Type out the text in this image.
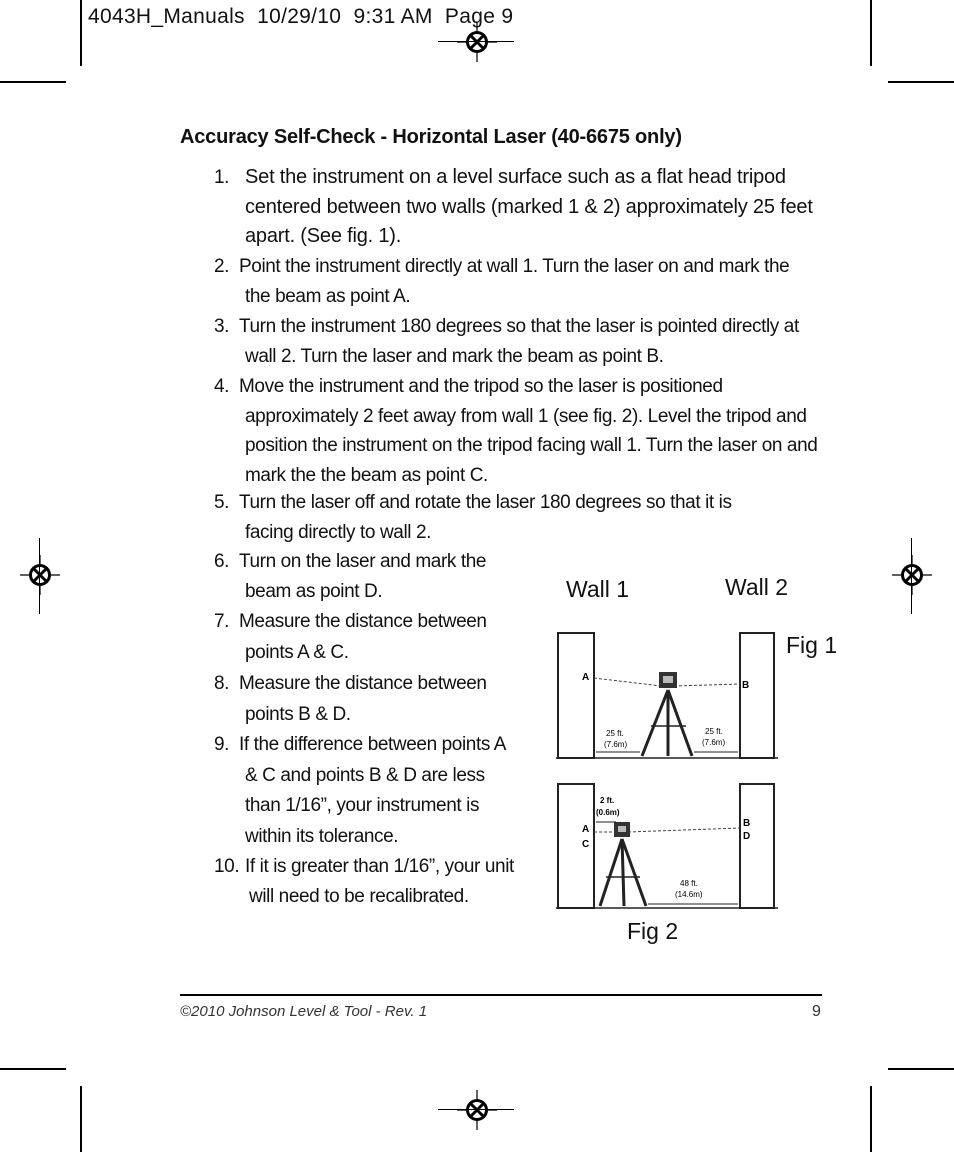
4043H_Manuals  10/29/10  9:31 AM  Page 9
Accuracy Self-Check - Horizontal Laser (40-6675 only)
1. Set the instrument on a level surface such as a flat head tripod centered between two walls (marked 1 & 2) approximately 25 feet apart. (See fig. 1).
2. Point the instrument directly at wall 1. Turn the laser on and mark the the beam as point A.
3. Turn the instrument 180 degrees so that the laser is pointed directly at wall 2. Turn the laser and mark the beam as point B.
4. Move the instrument and the tripod so the laser is positioned approximately 2 feet away from wall 1 (see fig. 2). Level the tripod and position the instrument on the tripod facing wall 1. Turn the laser on and mark the the beam as point C.
5. Turn the laser off and rotate the laser 180 degrees so that it is facing directly to wall 2.
6. Turn on the laser and mark the beam as point D.
7. Measure the distance between points A & C.
8. Measure the distance between points B & D.
9. If the difference between points A & C and points B & D are less than 1/16”, your instrument is within its tolerance.
10. If it is greater than 1/16”, your unit will need to be recalibrated.
Wall 1	Wall 2
Fig 1
Fig 2
A
B
25 ft.
(7.6m)
25 ft.
(7.6m)
A
C
B
D
2 ft.
(0.6m)
48 ft.
(14.6m)
©2010 Johnson Level & Tool - Rev. 1	9
